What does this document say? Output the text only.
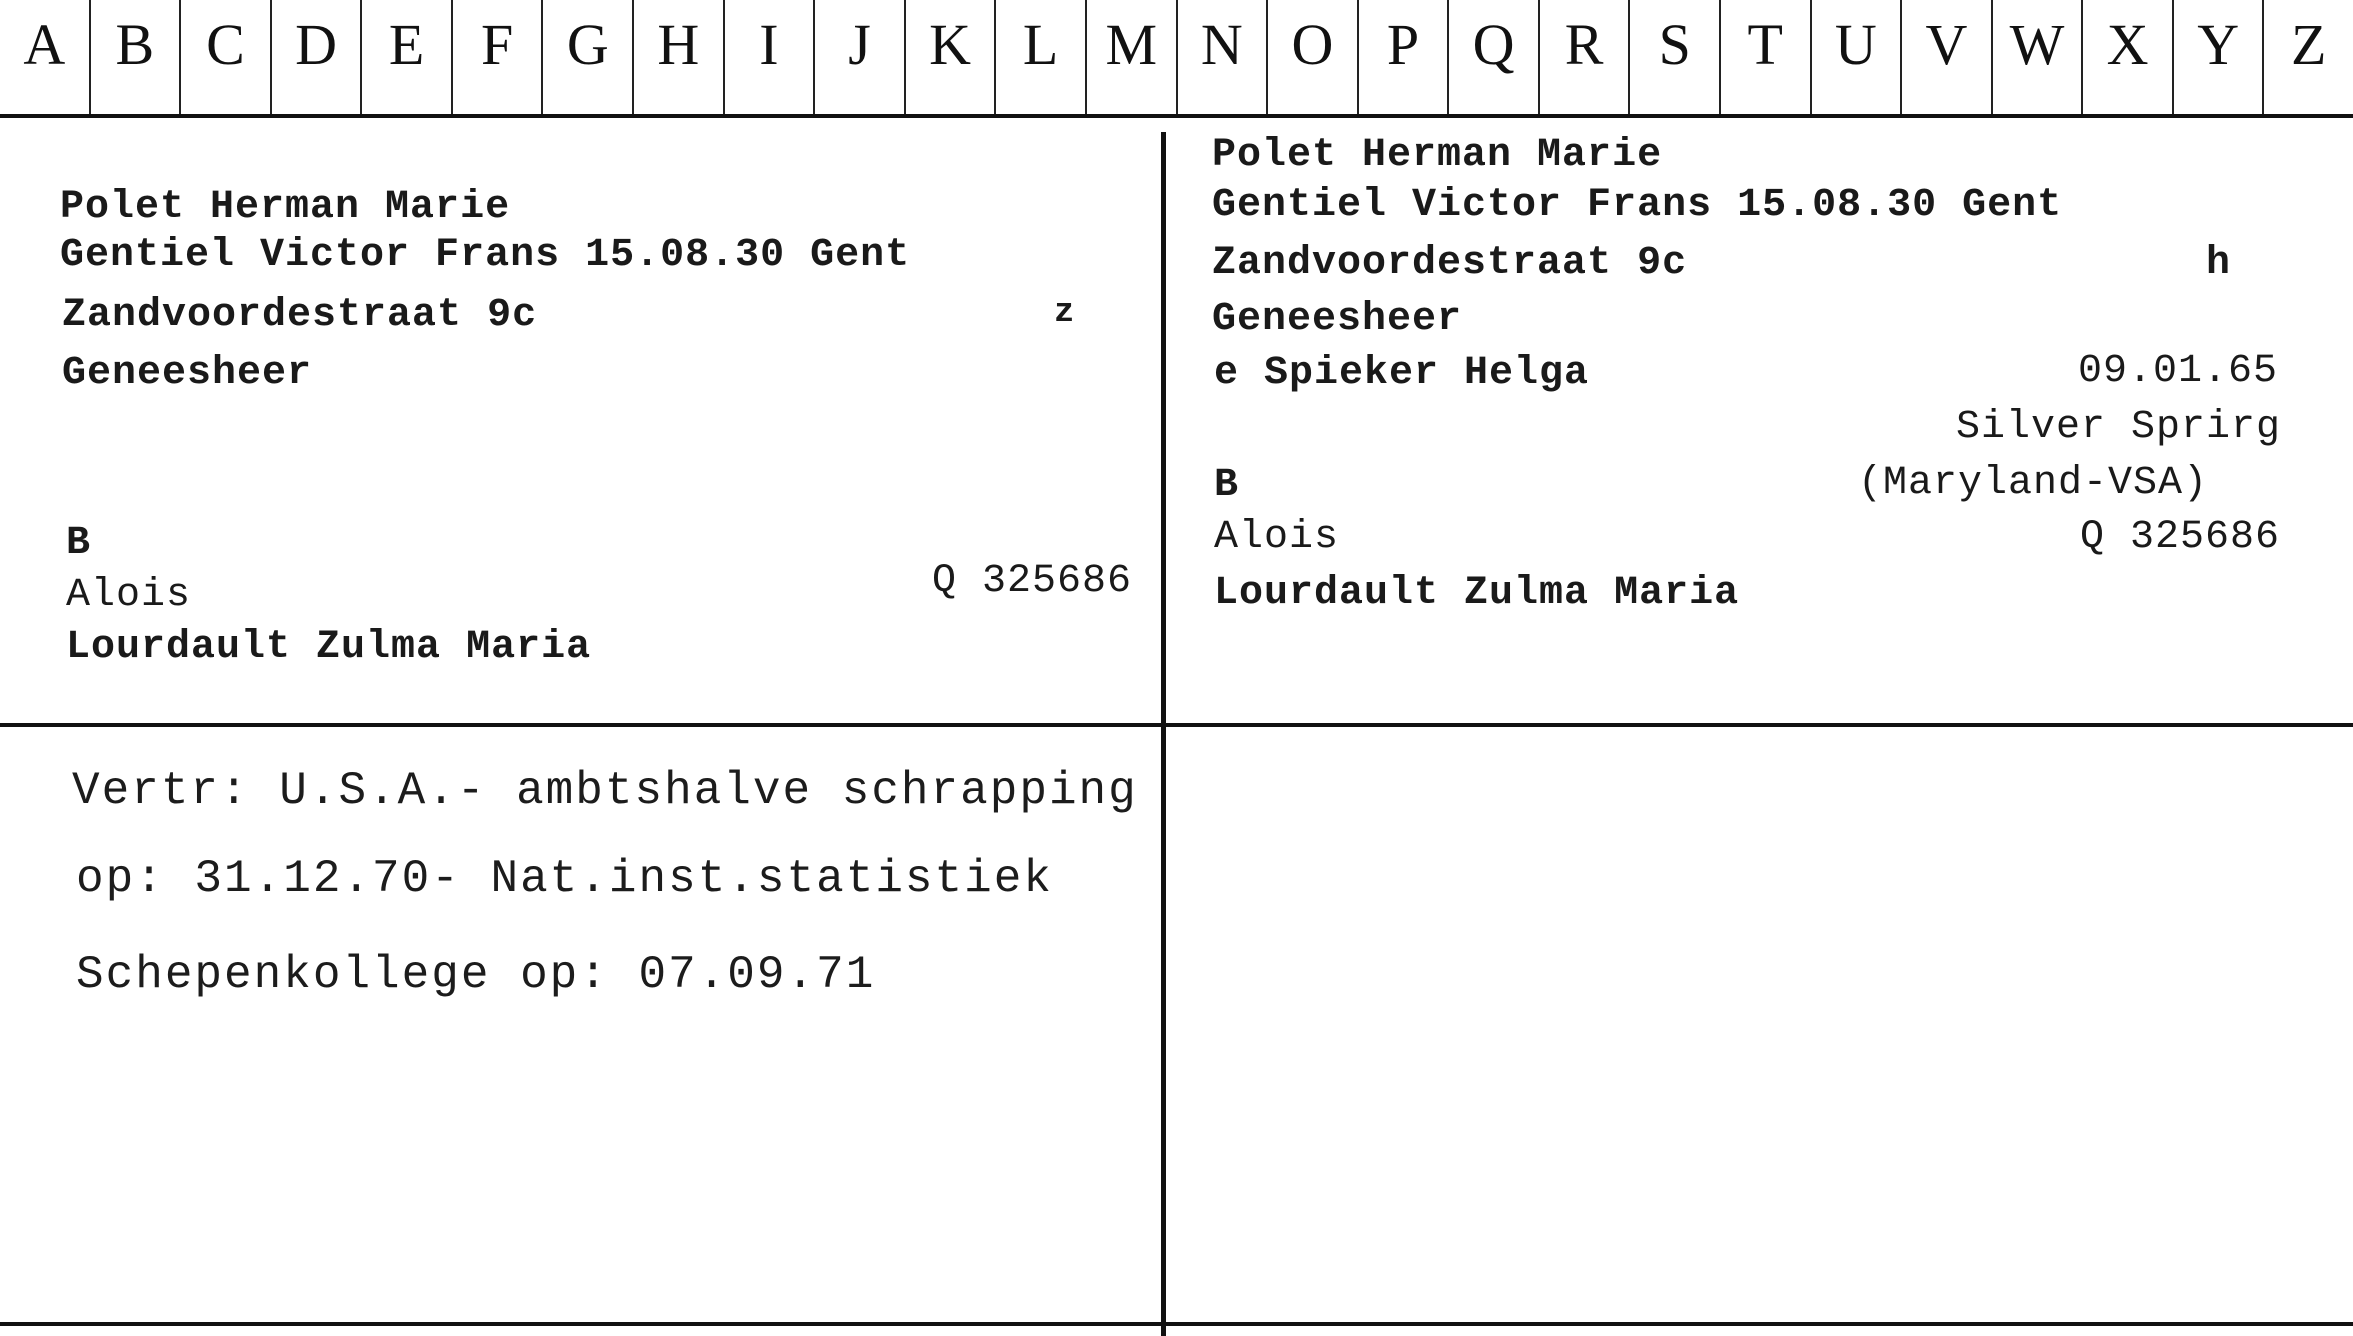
A B C D E F G H	I	J	K L M N O P Q R S T U V W X Y Z
Polet Herman Marie
Gentiel Victor Frans 15.08.30 Gent
Zandvoordestraat 9c	z
Geneesheer
B
Alois	Q 325686
Lourdault Zulma Maria
Polet Herman Marie
Gentiel Victor Frans 15.08.30 Gent
Zandvoordestraat 9c	h
Geneesheer
e Spieker Helga	09.01.65
Silver Sprirg
(Maryland-VSA)
B
Alois	Q 325686
Lourdault Zulma Maria
Vertr: U.S.A.- ambtshalve schrapping
op: 31.12.70- Nat.inst.statistiek
Schepenkollege op: 07.09.71
